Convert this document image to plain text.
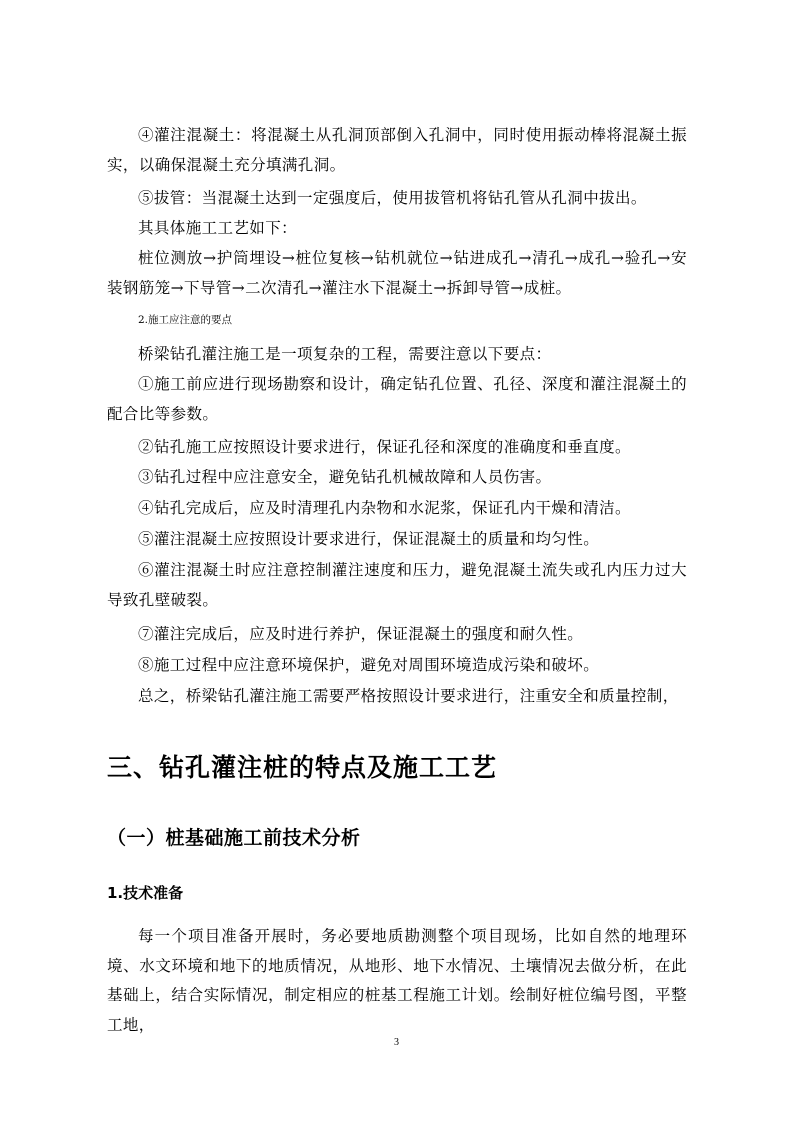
④灌注混凝土：将混凝土从孔洞顶部倒入孔洞中，同时使用振动棒将混凝土振实，以确保混凝土充分填满孔洞。

⑤拔管：当混凝土达到一定强度后，使用拔管机将钻孔管从孔洞中拔出。

其具体施工工艺如下：

桩位测放→护筒埋设→桩位复核→钻机就位→钻进成孔→清孔→成孔→验孔→安装钢筋笼→下导管→二次清孔→灌注水下混凝土→拆卸导管→成桩。

2.施工应注意的要点

桥梁钻孔灌注施工是一项复杂的工程，需要注意以下要点：

①施工前应进行现场勘察和设计，确定钻孔位置、孔径、深度和灌注混凝土的配合比等参数。

②钻孔施工应按照设计要求进行，保证孔径和深度的准确度和垂直度。

③钻孔过程中应注意安全，避免钻孔机械故障和人员伤害。

④钻孔完成后，应及时清理孔内杂物和水泥浆，保证孔内干燥和清洁。

⑤灌注混凝土应按照设计要求进行，保证混凝土的质量和均匀性。

⑥灌注混凝土时应注意控制灌注速度和压力，避免混凝土流失或孔内压力过大导致孔壁破裂。

⑦灌注完成后，应及时进行养护，保证混凝土的强度和耐久性。

⑧施工过程中应注意环境保护，避免对周围环境造成污染和破坏。

总之，桥梁钻孔灌注施工需要严格按照设计要求进行，注重安全和质量控制，

三、钻孔灌注桩的特点及施工工艺
（一）桩基础施工前技术分析
1.技术准备

每一个项目准备开展时，务必要地质勘测整个项目现场，比如自然的地理环境、水文环境和地下的地质情况，从地形、地下水情况、土壤情况去做分析，在此基础上，结合实际情况，制定相应的桩基工程施工计划。绘制好桩位编号图，平整工地，

3
